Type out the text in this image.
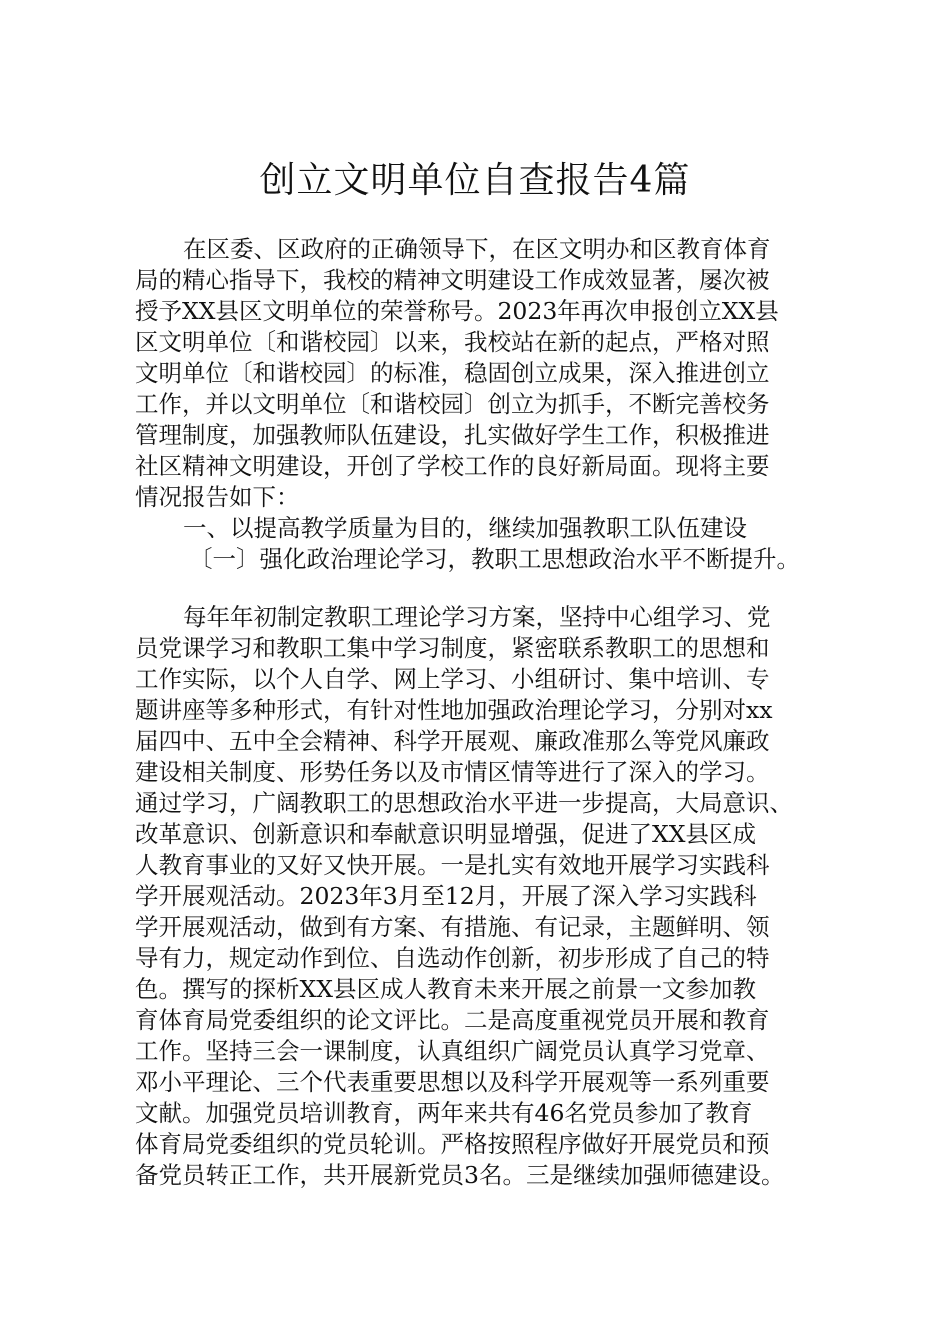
创立文明单位自查报告4篇
在区委、区政府的正确领导下，在区文明办和区教育体育
局的精心指导下，我校的精神文明建设工作成效显著，屡次被
授予XX县区文明单位的荣誉称号。2023年再次申报创立XX县
区文明单位〔和谐校园〕以来，我校站在新的起点，严格对照
文明单位〔和谐校园〕的标准，稳固创立成果，深入推进创立
工作，并以文明单位〔和谐校园〕创立为抓手，不断完善校务
管理制度，加强教师队伍建设，扎实做好学生工作，积极推进
社区精神文明建设，开创了学校工作的良好新局面。现将主要
情况报告如下：
一、以提高教学质量为目的，继续加强教职工队伍建设
〔一〕强化政治理论学习，教职工思想政治水平不断提升。
每年年初制定教职工理论学习方案，坚持中心组学习、党
员党课学习和教职工集中学习制度，紧密联系教职工的思想和
工作实际，以个人自学、网上学习、小组研讨、集中培训、专
题讲座等多种形式，有针对性地加强政治理论学习，分别对xx
届四中、五中全会精神、科学开展观、廉政准那么等党风廉政
建设相关制度、形势任务以及市情区情等进行了深入的学习。
通过学习，广阔教职工的思想政治水平进一步提高，大局意识、
改革意识、创新意识和奉献意识明显增强，促进了XX县区成
人教育事业的又好又快开展。一是扎实有效地开展学习实践科
学开展观活动。2023年3月至12月，开展了深入学习实践科
学开展观活动，做到有方案、有措施、有记录，主题鲜明、领
导有力，规定动作到位、自选动作创新，初步形成了自己的特
色。撰写的探析XX县区成人教育未来开展之前景一文参加教
育体育局党委组织的论文评比。二是高度重视党员开展和教育
工作。坚持三会一课制度，认真组织广阔党员认真学习党章、
邓小平理论、三个代表重要思想以及科学开展观等一系列重要
文献。加强党员培训教育，两年来共有46名党员参加了教育
体育局党委组织的党员轮训。严格按照程序做好开展党员和预
备党员转正工作，共开展新党员3名。三是继续加强师德建设。
